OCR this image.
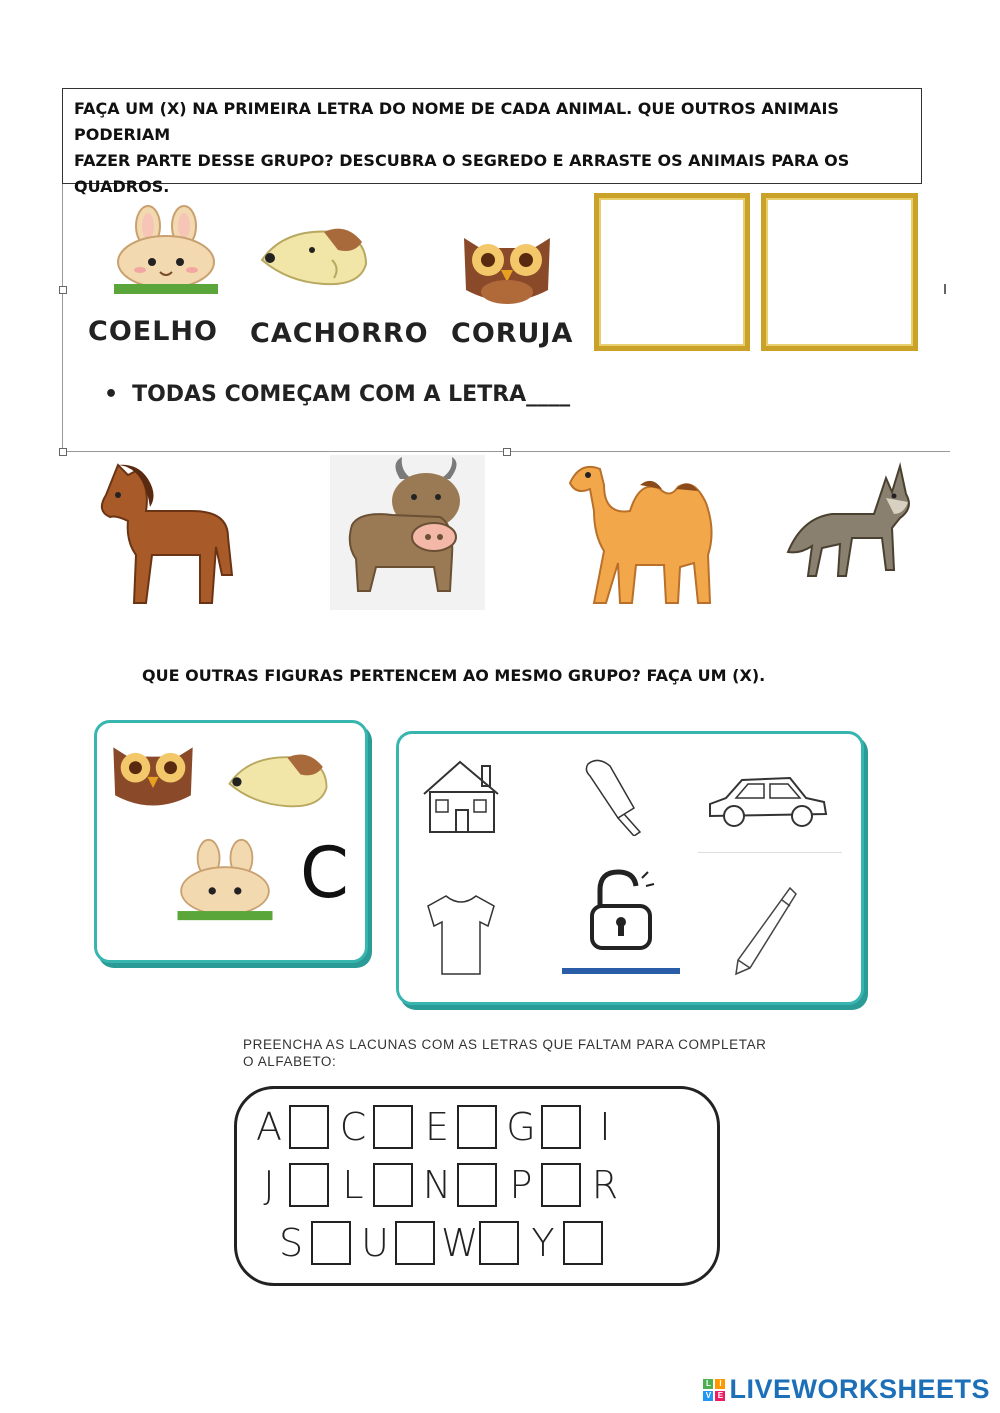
FAÇA UM (X) NA PRIMEIRA LETRA DO NOME DE CADA ANIMAL. QUE OUTROS ANIMAIS PODERIAM
FAZER PARTE DESSE GRUPO? DESCUBRA O SEGREDO E ARRASTE OS ANIMAIS PARA OS QUADROS.
COELHO CACHORRO CORUJA
• TODAS COMEÇAM COM A LETRA____
QUE OUTRAS FIGURAS PERTENCEM AO MESMO GRUPO? FAÇA UM (X).
C
PREENCHA AS LACUNAS COM AS LETRAS QUE FALTAM PARA COMPLETAR
O ALFABETO:
A C E G	I
J	L N P R
S U W Y
L	I
V E LIVEWORKSHEETS
